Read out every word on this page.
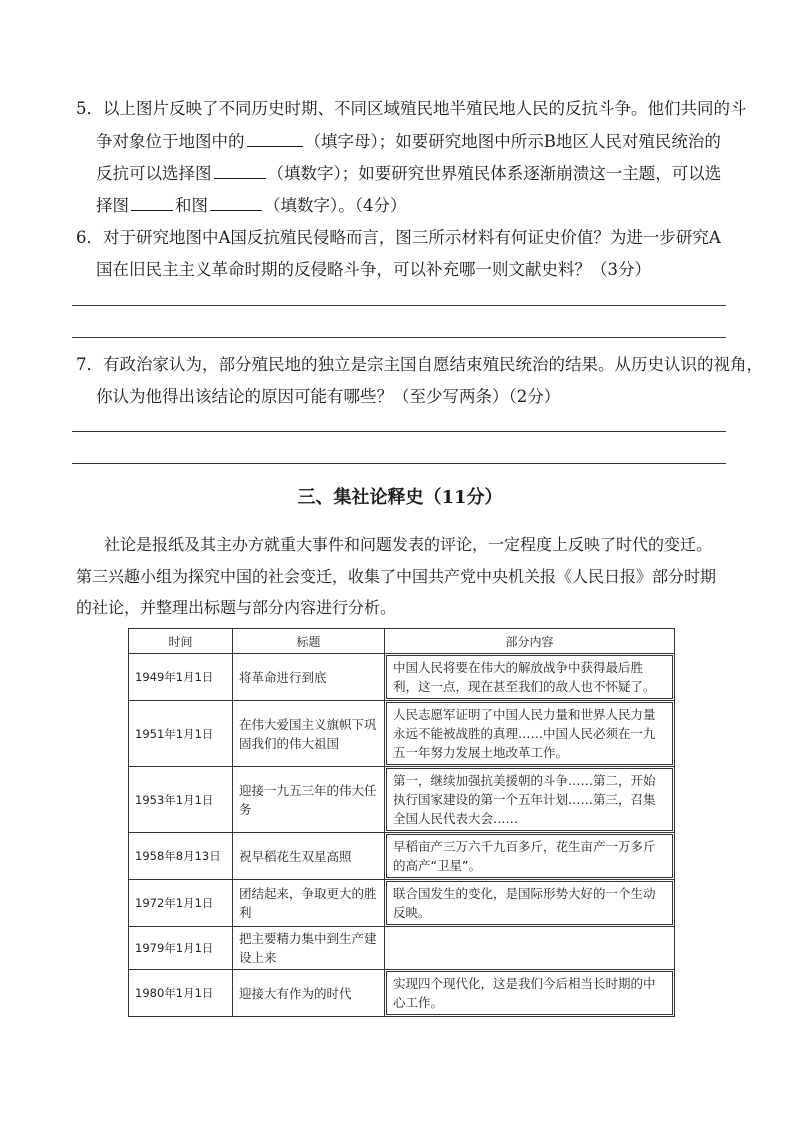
5．以上图片反映了不同历史时期、不同区域殖民地半殖民地人民的反抗斗争。他们共同的斗
争对象位于地图中的	（填字母）；如要研究地图中所示B地区人民对殖民统治的
反抗可以选择图	（填数字）；如要研究世界殖民体系逐渐崩溃这一主题，可以选
择图	和图	（填数字）。（4分）
6．对于研究地图中A国反抗殖民侵略而言，图三所示材料有何证史价值？为进一步研究A
国在旧民主主义革命时期的反侵略斗争，可以补充哪一则文献史料？（3分）
7．有政治家认为，部分殖民地的独立是宗主国自愿结束殖民统治的结果。从历史认识的视角，
你认为他得出该结论的原因可能有哪些？（至少写两条）（2分）
三、集社论释史（11分）
社论是报纸及其主办方就重大事件和问题发表的评论，一定程度上反映了时代的变迁。
第三兴趣小组为探究中国的社会变迁，收集了中国共产党中央机关报《人民日报》部分时期
的社论，并整理出标题与部分内容进行分析。
时间	标题	部分内容
1949年1月1日	将革命进行到底	中国人民将要在伟大的解放战争中获得最后胜利，这一点，现在甚至我们的敌人也不怀疑了。

1951年1月1日	在伟大爱国主义旗帜下巩固我们的伟大祖国	人民志愿军证明了中国人民力量和世界人民力量永远不能被战胜的真理……中国人民必须在一九五一年努力发展土地改革工作。

1953年1月1日	迎接一九五三年的伟大任务	第一，继续加强抗美援朝的斗争……第二，开始执行国家建设的第一个五年计划……第三，召集全国人民代表大会……

1958年8月13日	祝早稻花生双星高照	早稻亩产三万六千九百多斤，花生亩产一万多斤的高产“卫星”。

1972年1月1日	团结起来，争取更大的胜利	联合国发生的变化，是国际形势大好的一个生动反映。

1979年1月1日	把主要精力集中到生产建设上来	
1980年1月1日	迎接大有作为的时代	实现四个现代化，这是我们今后相当长时期的中心工作。
